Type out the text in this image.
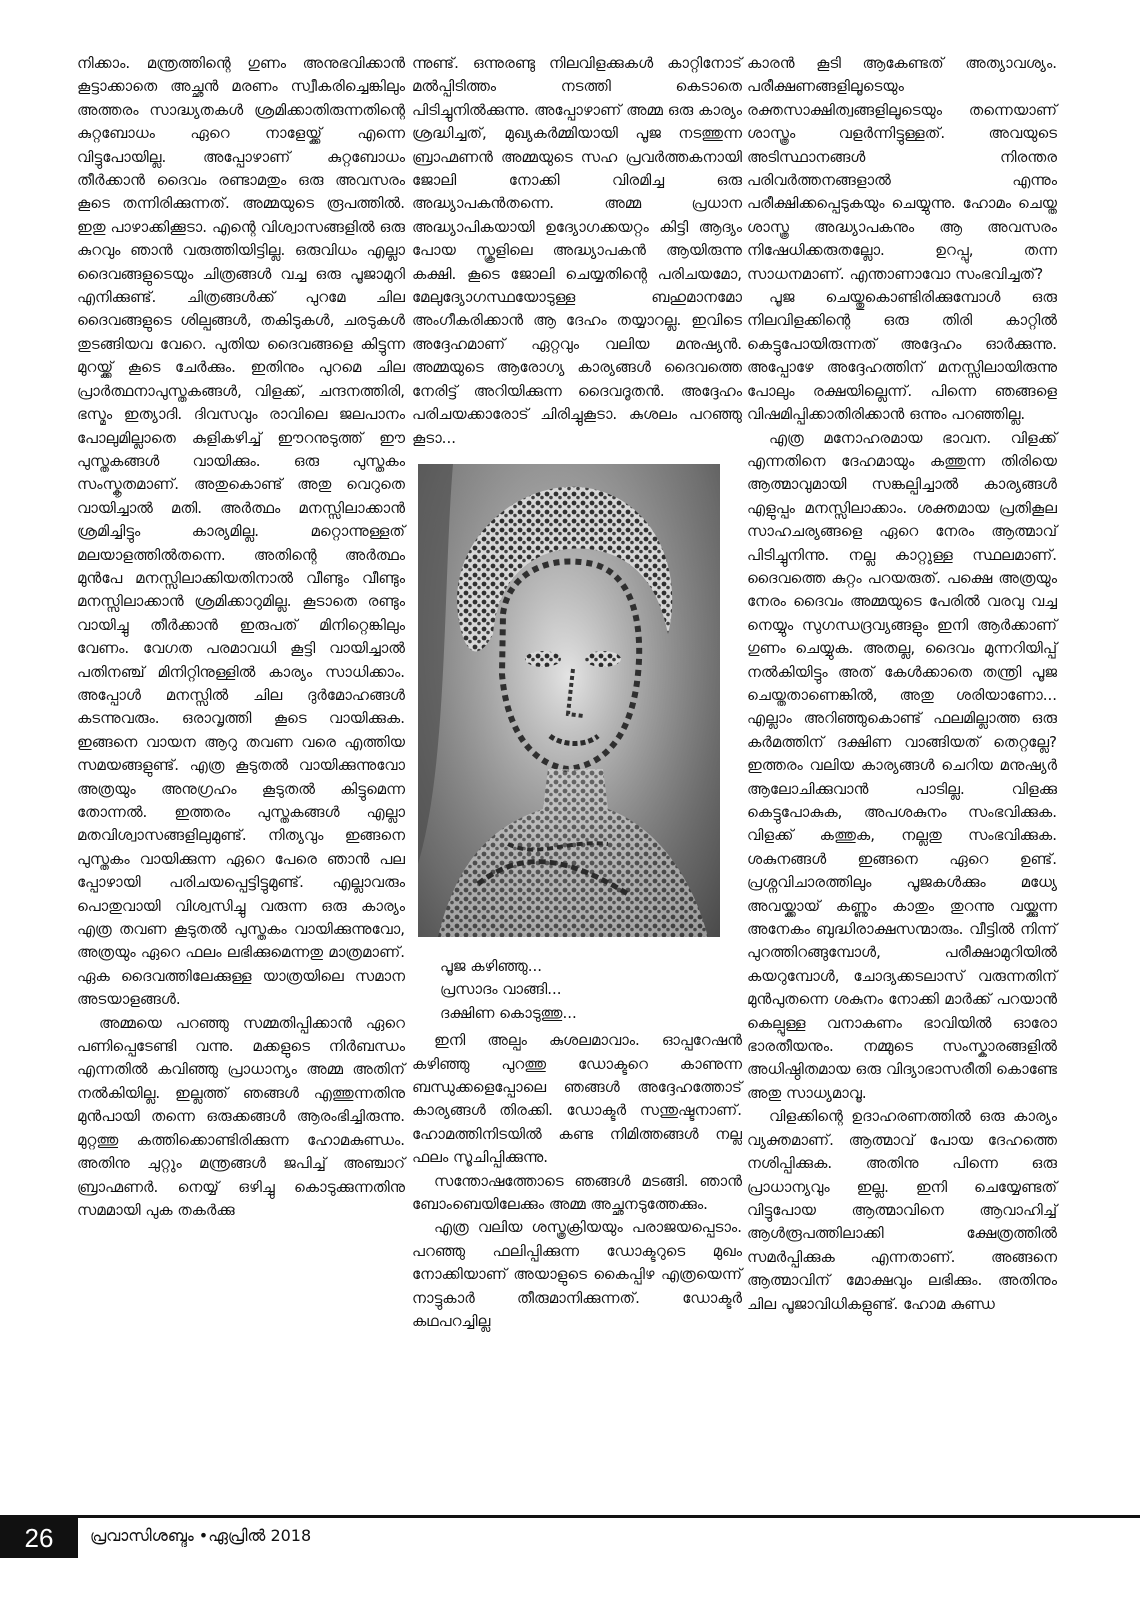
നിക്കാം. മന്ത്രത്തിന്റെ ഗുണം അനുഭവിക്കാൻ കൂട്ടാക്കാതെ അച്ഛൻ മരണം സ്വീകരിച്ചെങ്കിലും അത്തരം സാദ്ധ്യതകൾ ശ്രമിക്കാതിരുന്നതിന്റെ കുറ്റബോധം ഏറെ നാളേയ്ക്ക് എന്നെ വിട്ടുപോയില്ല. അപ്പോഴാണ് കുറ്റബോധം തീർക്കാൻ ദൈവം രണ്ടാമതും ഒരു അവസരം കൂടെ തന്നിരിക്കുന്നത്. അമ്മയുടെ രൂപത്തിൽ. ഇതു പാഴാക്കിക്കൂടാ. എന്റെ വിശ്വാസങ്ങളിൽ ഒരു കുറവും ഞാൻ വരുത്തിയിട്ടില്ല. ഒരുവിധം എല്ലാ ദൈവങ്ങളുടെയും ചിത്രങ്ങൾ വച്ച ഒരു പൂജാമുറി എനിക്കുണ്ട്. ചിത്രങ്ങൾക്ക് പുറമേ ചില ദൈവങ്ങളുടെ ശില്പങ്ങൾ, തകിടുകൾ, ചരടുകൾ തുടങ്ങിയവ വേറെ. പുതിയ ദൈവങ്ങളെ കിട്ടുന്ന മുറയ്ക്ക് കൂടെ ചേർക്കും. ഇതിനും പുറമെ ചില പ്രാർത്ഥനാപുസ്തകങ്ങൾ, വിളക്ക്, ചന്ദനത്തിരി, ഭസ്മം ഇത്യാദി. ദിവസവും രാവിലെ ജലപാനം പോലുമില്ലാതെ കുളികഴിച്ച് ഈറനുടുത്ത് ഈ പുസ്തകങ്ങൾ വായിക്കും. ഒരു പുസ്തകം സംസ്കൃതമാണ്. അതുകൊണ്ട് അതു വെറുതെ വായിച്ചാൽ മതി. അർത്ഥം മനസ്സിലാക്കാൻ ശ്രമിച്ചിട്ടും കാര്യമില്ല. മറ്റൊന്നുള്ളത് മലയാളത്തിൽതന്നെ. അതിന്റെ അർത്ഥം മുൻപേ മനസ്സിലാക്കിയതിനാൽ വീണ്ടും വീണ്ടും മനസ്സിലാക്കാൻ ശ്രമിക്കാറുമില്ല. കൂടാതെ രണ്ടും വായിച്ചു തീർക്കാൻ ഇരുപത് മിനിറ്റെങ്കിലും വേണം. വേഗത പരമാവധി കൂട്ടി വായിച്ചാൽ പതിനഞ്ച് മിനിറ്റിനുള്ളിൽ കാര്യം സാധിക്കാം. അപ്പോൾ മനസ്സിൽ ചില ദുർമോഹങ്ങൾ കടന്നുവരും. ഒരാവൃത്തി കൂടെ വായിക്കുക. ഇങ്ങനെ വായന ആറു തവണ വരെ എത്തിയ സമയങ്ങളുണ്ട്. എത്ര കൂടുതൽ വായിക്കുന്നുവോ അത്രയും അനുഗ്രഹം കൂടുതൽ കിട്ടുമെന്ന തോന്നൽ. ഇത്തരം പുസ്തകങ്ങൾ എല്ലാ മതവിശ്വാസങ്ങളിലുമുണ്ട്. നിത്യവും ഇങ്ങനെ പുസ്തകം വായിക്കുന്ന ഏറെ പേരെ ഞാൻ പല പ്പോഴായി പരിചയപ്പെട്ടിട്ടുമുണ്ട്. എല്ലാവരും പൊതുവായി വിശ്വസിച്ചു വരുന്ന ഒരു കാര്യം എത്ര തവണ കൂടുതൽ പുസ്തകം വായിക്കുന്നുവോ, അത്രയും ഏറെ ഫലം ലഭിക്കുമെന്നതു മാത്രമാണ്. ഏക ദൈവത്തിലേക്കുള്ള യാത്രയിലെ സമാന അടയാളങ്ങൾ.

അമ്മയെ പറഞ്ഞു സമ്മതിപ്പിക്കാൻ ഏറെ പണിപ്പെടേണ്ടി വന്നു. മക്കളുടെ നിർബന്ധം എന്നതിൽ കവിഞ്ഞു പ്രാധാന്യം അമ്മ അതിന് നൽകിയില്ല. ഇല്ലത്ത് ഞങ്ങൾ എത്തുന്നതിനു മുൻപായി തന്നെ ഒരുക്കങ്ങൾ ആരംഭിച്ചിരുന്നു. മുറ്റത്തു കത്തിക്കൊണ്ടിരിക്കുന്ന ഹോമകുണ്ഡം. അതിനു ചുറ്റും മന്ത്രങ്ങൾ ജപിച്ച് അഞ്ചാറ് ബ്രാഹ്മണർ. നെയ്യ് ഒഴിച്ചു കൊടുക്കുന്നതിനു സമമായി പുക തകർക്കു

ന്നുണ്ട്. ഒന്നുരണ്ടു നിലവിളക്കുകൾ കാറ്റിനോട് മൽപ്പിടിത്തം നടത്തി കെടാതെ പിടിച്ചുനിൽക്കുന്നു. അപ്പോഴാണ് അമ്മ ഒരു കാര്യം ശ്രദ്ധിച്ചത്, മുഖ്യകർമ്മിയായി പൂജ നടത്തുന്ന ബ്രാഹ്മണൻ അമ്മയുടെ സഹ പ്രവർത്തകനായി ജോലി നോക്കി വിരമിച്ച ഒരു അദ്ധ്യാപകൻതന്നെ. അമ്മ പ്രധാന അദ്ധ്യാപികയായി ഉദ്യോഗക്കയറ്റം കിട്ടി ആദ്യം പോയ സ്കൂളിലെ അദ്ധ്യാപകൻ ആയിരുന്നു കക്ഷി. കൂടെ ജോലി ചെയ്യതിന്റെ പരിചയമോ, മേലുദ്യോഗസ്ഥയോടുള്ള ബഹുമാനമോ അംഗീകരിക്കാൻ ആ ദേഹം തയ്യാറല്ല. ഇവിടെ അദ്ദേഹമാണ് ഏറ്റവും വലിയ മനുഷ്യൻ. അമ്മയുടെ ആരോഗ്യ കാര്യങ്ങൾ ദൈവത്തെ നേരിട്ട് അറിയിക്കുന്ന ദൈവദൂതൻ. അദ്ദേഹം പരിചയക്കാരോട് ചിരിച്ചുകൂടാ. കുശലം പറഞ്ഞു കൂടാ...

പൂജ കഴിഞ്ഞു...
പ്രസാദം വാങ്ങി...
ദക്ഷിണ കൊടുത്തു...

ഇനി അല്പം കുശലമാവാം. ഓപ്പറേഷൻ കഴിഞ്ഞു പുറത്തു ഡോക്ടറെ കാണുന്ന ബന്ധുക്കളെപ്പോലെ ഞങ്ങൾ അദ്ദേഹത്തോട് കാര്യങ്ങൾ തിരക്കി. ഡോക്ടർ സന്തുഷ്ടനാണ്. ഹോമത്തിനിടയിൽ കണ്ട നിമിത്തങ്ങൾ നല്ല ഫലം സൂചിപ്പിക്കുന്നു.

സന്തോഷത്തോടെ ഞങ്ങൾ മടങ്ങി. ഞാൻ ബോംബെയിലേക്കും അമ്മ അച്ഛനടുത്തേക്കും.

എത്ര വലിയ ശസ്ത്രക്രിയയും പരാജയപ്പെടാം. പറഞ്ഞു ഫലിപ്പിക്കുന്ന ഡോക്ടറുടെ മുഖം നോക്കിയാണ് അയാളുടെ കൈപ്പിഴ എത്രയെന്ന് നാട്ടുകാർ തീരുമാനിക്കുന്നത്. ഡോക്ടർ കഥപറച്ചില്ല

കാരൻ കൂടി ആകേണ്ടത് അത്യാവശ്യം. പരീക്ഷണങ്ങളിലൂടെയും രക്തസാക്ഷിത്വങ്ങളിലൂടെയും തന്നെയാണ് ശാസ്ത്രം വളർന്നിട്ടുള്ളത്. അവയുടെ അടിസ്ഥാനങ്ങൾ നിരന്തര പരിവർത്തനങ്ങളാൽ എന്നും പരീക്ഷിക്കപ്പെടുകയും ചെയ്യുന്നു. ഹോമം ചെയ്ത ശാസ്ത്ര അദ്ധ്യാപകനും ആ അവസരം നിഷേധിക്കരുതല്ലോ. ഉറപ്പു, തന്ന സാധനമാണ്. എന്താണാവോ സംഭവിച്ചത്?

പൂജ ചെയ്തുകൊണ്ടിരിക്കുമ്പോൾ ഒരു നിലവിളക്കിന്റെ ഒരു തിരി കാറ്റിൽ കെട്ടുപോയിരുന്നത് അദ്ദേഹം ഓർക്കുന്നു. അപ്പോഴേ അദ്ദേഹത്തിന് മനസ്സിലായിരുന്നു പോലും രക്ഷയില്ലെന്ന്. പിന്നെ ഞങ്ങളെ വിഷമിപ്പിക്കാതിരിക്കാൻ ഒന്നും പറഞ്ഞില്ല.

എത്ര മനോഹരമായ ഭാവന. വിളക്ക് എന്നതിനെ ദേഹമായും കത്തുന്ന തിരിയെ ആത്മാവുമായി സങ്കല്പിച്ചാൽ കാര്യങ്ങൾ എളുപ്പം മനസ്സിലാക്കാം. ശക്തമായ പ്രതികൂല സാഹചര്യങ്ങളെ ഏറെ നേരം ആത്മാവ് പിടിച്ചുനിന്നു. നല്ല കാറ്റുള്ള സ്ഥലമാണ്. ദൈവത്തെ കുറ്റം പറയരുത്. പക്ഷെ അത്രയും നേരം ദൈവം അമ്മയുടെ പേരിൽ വരവു വച്ച നെയ്യും സുഗന്ധദ്രവ്യങ്ങളും ഇനി ആർക്കാണ് ഗുണം ചെയ്യുക. അതല്ല, ദൈവം മുന്നറിയിപ്പ് നൽകിയിട്ടും അത് കേൾക്കാതെ തന്ത്രി പൂജ ചെയ്തതാണെങ്കിൽ, അതു ശരിയാണോ... എല്ലാം അറിഞ്ഞുകൊണ്ട് ഫലമില്ലാത്ത ഒരു കർമത്തിന് ദക്ഷിണ വാങ്ങിയത് തെറ്റല്ലേ? ഇത്തരം വലിയ കാര്യങ്ങൾ ചെറിയ മനുഷ്യർ ആലോചിക്കുവാൻ പാടില്ല. വിളക്കു കെട്ടുപോകുക, അപശകുനം സംഭവിക്കുക. വിളക്ക് കത്തുക, നല്ലതു സംഭവിക്കുക. ശകുനങ്ങൾ ഇങ്ങനെ ഏറെ ഉണ്ട്. പ്രശ്നവിചാരത്തിലും പൂജകൾക്കും മധ്യേ അവയ്ക്കായ് കണ്ണും കാതും തുറന്നു വയ്ക്കുന്ന അനേകം ബുദ്ധിരാക്ഷസന്മാരും. വീട്ടിൽ നിന്ന് പുറത്തിറങ്ങുമ്പോൾ, പരീക്ഷാമുറിയിൽ കയറുമ്പോൾ, ചോദ്യക്കടലാസ് വരുന്നതിന് മുൻപുതന്നെ ശകുനം നോക്കി മാർക്ക് പറയാൻ കെല്പുള്ള വനാകണം ഭാവിയിൽ ഓരോ ഭാരതീയനും. നമ്മുടെ സംസ്കാരങ്ങളിൽ അധിഷ്ഠിതമായ ഒരു വിദ്യാഭാസരീതി കൊണ്ടേ അതു സാധ്യമാവൂ.

വിളക്കിന്റെ ഉദാഹരണത്തിൽ ഒരു കാര്യം വ്യക്തമാണ്. ആത്മാവ് പോയ ദേഹത്തെ നശിപ്പിക്കുക. അതിനു പിന്നെ ഒരു പ്രാധാന്യവും ഇല്ല. ഇനി ചെയ്യേണ്ടത് വിട്ടുപോയ ആത്മാവിനെ ആവാഹിച്ച് ആൾരൂപത്തിലാക്കി ക്ഷേത്രത്തിൽ സമർപ്പിക്കുക എന്നതാണ്. അങ്ങനെ ആത്മാവിന് മോക്ഷവും ലഭിക്കും. അതിനും ചില പൂജാവിധികളുണ്ട്. ഹോമ കുണ്ഡ

26	പ്രവാസിശബ്ദം •ഏപ്രിൽ 2018
